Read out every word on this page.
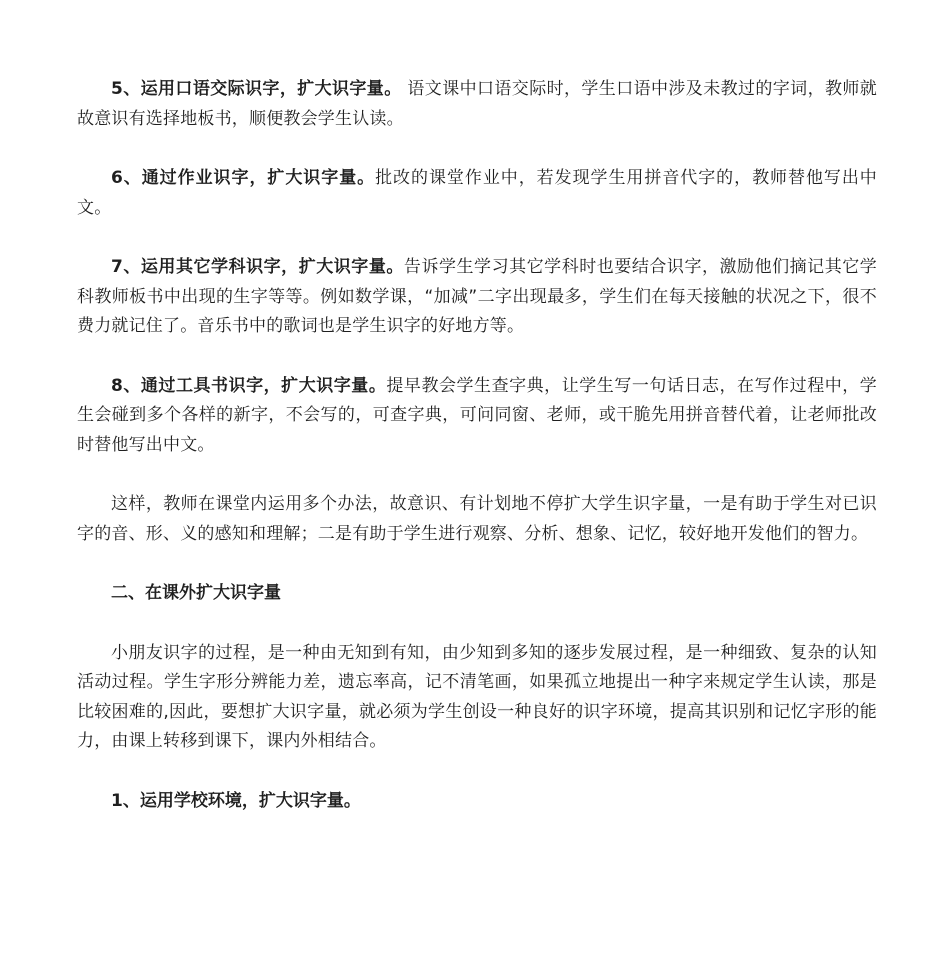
5、运用口语交际识字，扩大识字量。 语文课中口语交际时，学生口语中涉及未教过的字词，教师就故意识有选择地板书，顺便教会学生认读。

6、通过作业识字，扩大识字量。批改的课堂作业中，若发现学生用拼音代字的，教师替他写出中文。

7、运用其它学科识字，扩大识字量。告诉学生学习其它学科时也要结合识字，激励他们摘记其它学科教师板书中出现的生字等等。例如数学课，“加减”二字出现最多，学生们在每天接触的状况之下，很不费力就记住了。音乐书中的歌词也是学生识字的好地方等。

8、通过工具书识字，扩大识字量。提早教会学生查字典，让学生写一句话日志，在写作过程中，学生会碰到多个各样的新字，不会写的，可查字典，可问同窗、老师，或干脆先用拼音替代着，让老师批改时替他写出中文。

这样，教师在课堂内运用多个办法，故意识、有计划地不停扩大学生识字量，一是有助于学生对已识字的音、形、义的感知和理解；二是有助于学生进行观察、分析、想象、记忆，较好地开发他们的智力。

二、在课外扩大识字量

小朋友识字的过程，是一种由无知到有知，由少知到多知的逐步发展过程，是一种细致、复杂的认知活动过程。学生字形分辨能力差，遗忘率高，记不清笔画，如果孤立地提出一种字来规定学生认读，那是比较困难的,因此，要想扩大识字量，就必须为学生创设一种良好的识字环境，提高其识别和记忆字形的能力，由课上转移到课下，课内外相结合。

1、运用学校环境，扩大识字量。
